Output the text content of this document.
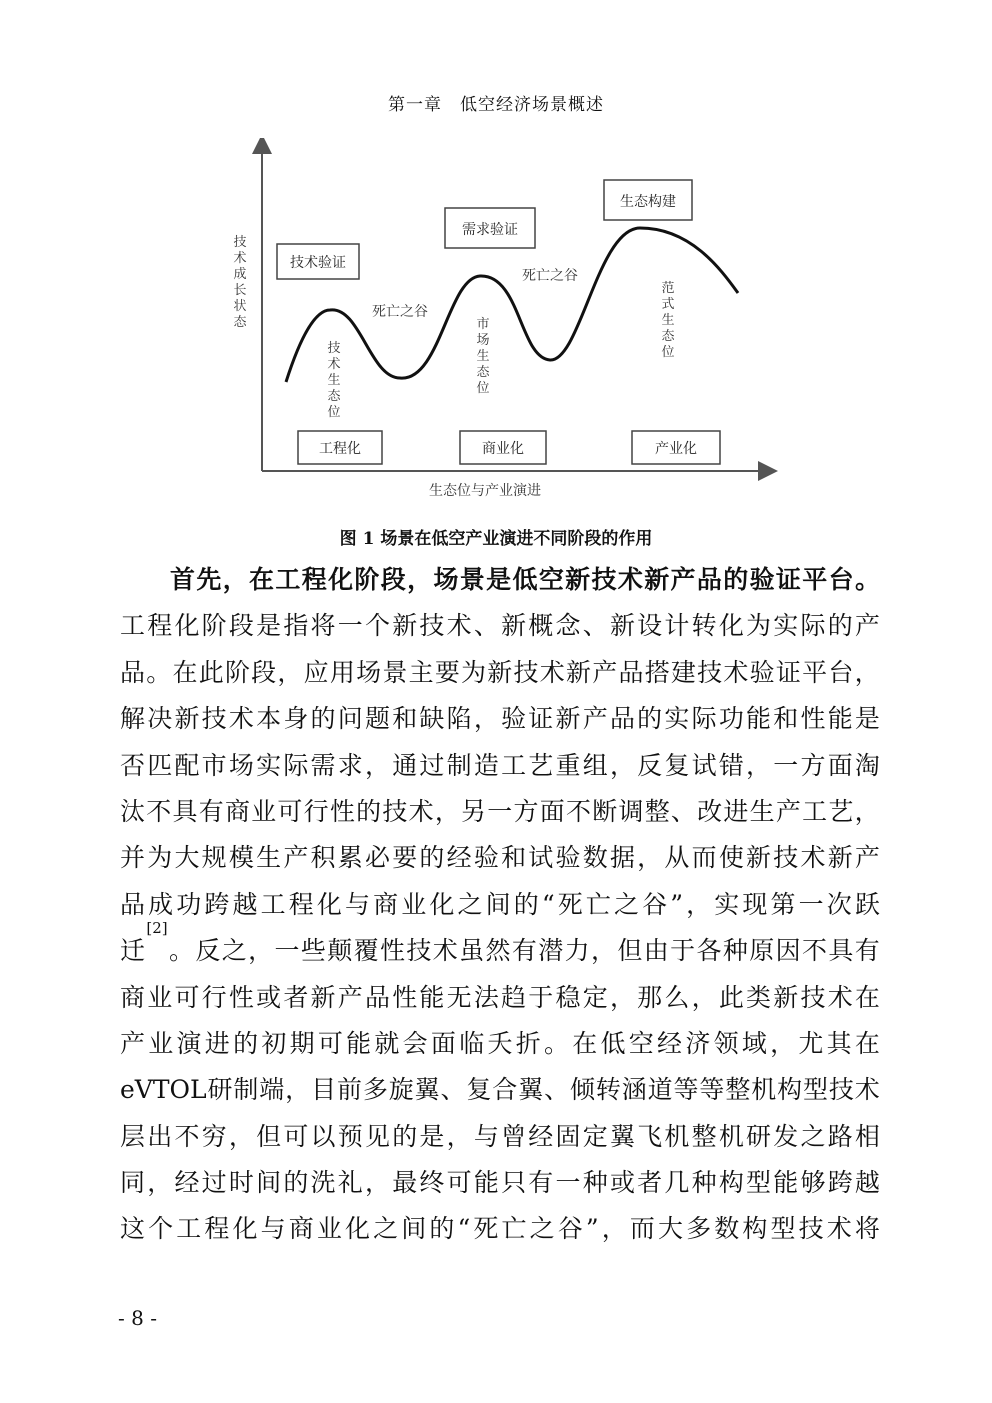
第一章　低空经济场景概述
技术成长状态
技术验证
需求验证
生态构建
死亡之谷
死亡之谷
技术生态位
市场生态位
范式生态位
工程化	商业化	产业化
生态位与产业演进
图 1 场景在低空产业演进不同阶段的作用
首 先 ， 在 工 程 化 阶 段 ， 场 景 是 低 空 新 技 术 新 产 品 的 验 证 平 台 。
工 程 化 阶 段 是 指 将 一 个 新 技 术 、 新 概 念 、 新 设 计 转 化 为 实 际 的 产
品 。 在 此 阶 段 ， 应 用 场 景 主 要 为 新 技 术 新 产 品 搭 建 技 术 验 证 平 台 ，
解 决 新 技 术 本 身 的 问 题 和 缺 陷 ， 验 证 新 产 品 的 实 际 功 能 和 性 能 是
否 匹 配 市 场 实 际 需 求 ， 通 过 制 造 工 艺 重 组 ， 反 复 试 错 ， 一 方 面 淘
汰 不 具 有 商 业 可 行 性 的 技 术 ， 另 一 方 面 不 断 调 整 、 改 进 生 产 工 艺 ，
并 为 大 规 模 生 产 积 累 必 要 的 经 验 和 试 验 数 据 ， 从 而 使 新 技 术 新 产
品 成 功 跨 越 工 程 化 与 商 业 化 之 间 的 “ 死 亡 之 谷 ” ， 实 现 第 一 次 跃
迁
[2]
。 反 之 ， 一 些 颠 覆 性 技 术 虽 然 有 潜 力 ， 但 由 于 各 种 原 因 不 具 有
商 业 可 行 性 或 者 新 产 品 性 能 无 法 趋 于 稳 定 ， 那 么 ， 此 类 新 技 术 在
产 业 演 进 的 初 期 可 能 就 会 面 临 夭 折 。 在 低 空 经 济 领 域 ， 尤 其 在
eVTOL 研 制 端 ， 目 前 多 旋 翼 、 复 合 翼 、 倾 转 涵 道 等 等 整 机 构 型 技 术
层 出 不 穷 ， 但 可 以 预 见 的 是 ， 与 曾 经 固 定 翼 飞 机 整 机 研 发 之 路 相
同 ， 经 过 时 间 的 洗 礼 ， 最 终 可 能 只 有 一 种 或 者 几 种 构 型 能 够 跨 越
这 个 工 程 化 与 商 业 化 之 间 的 “ 死 亡 之 谷 ” ， 而 大 多 数 构 型 技 术 将
- 8 -
